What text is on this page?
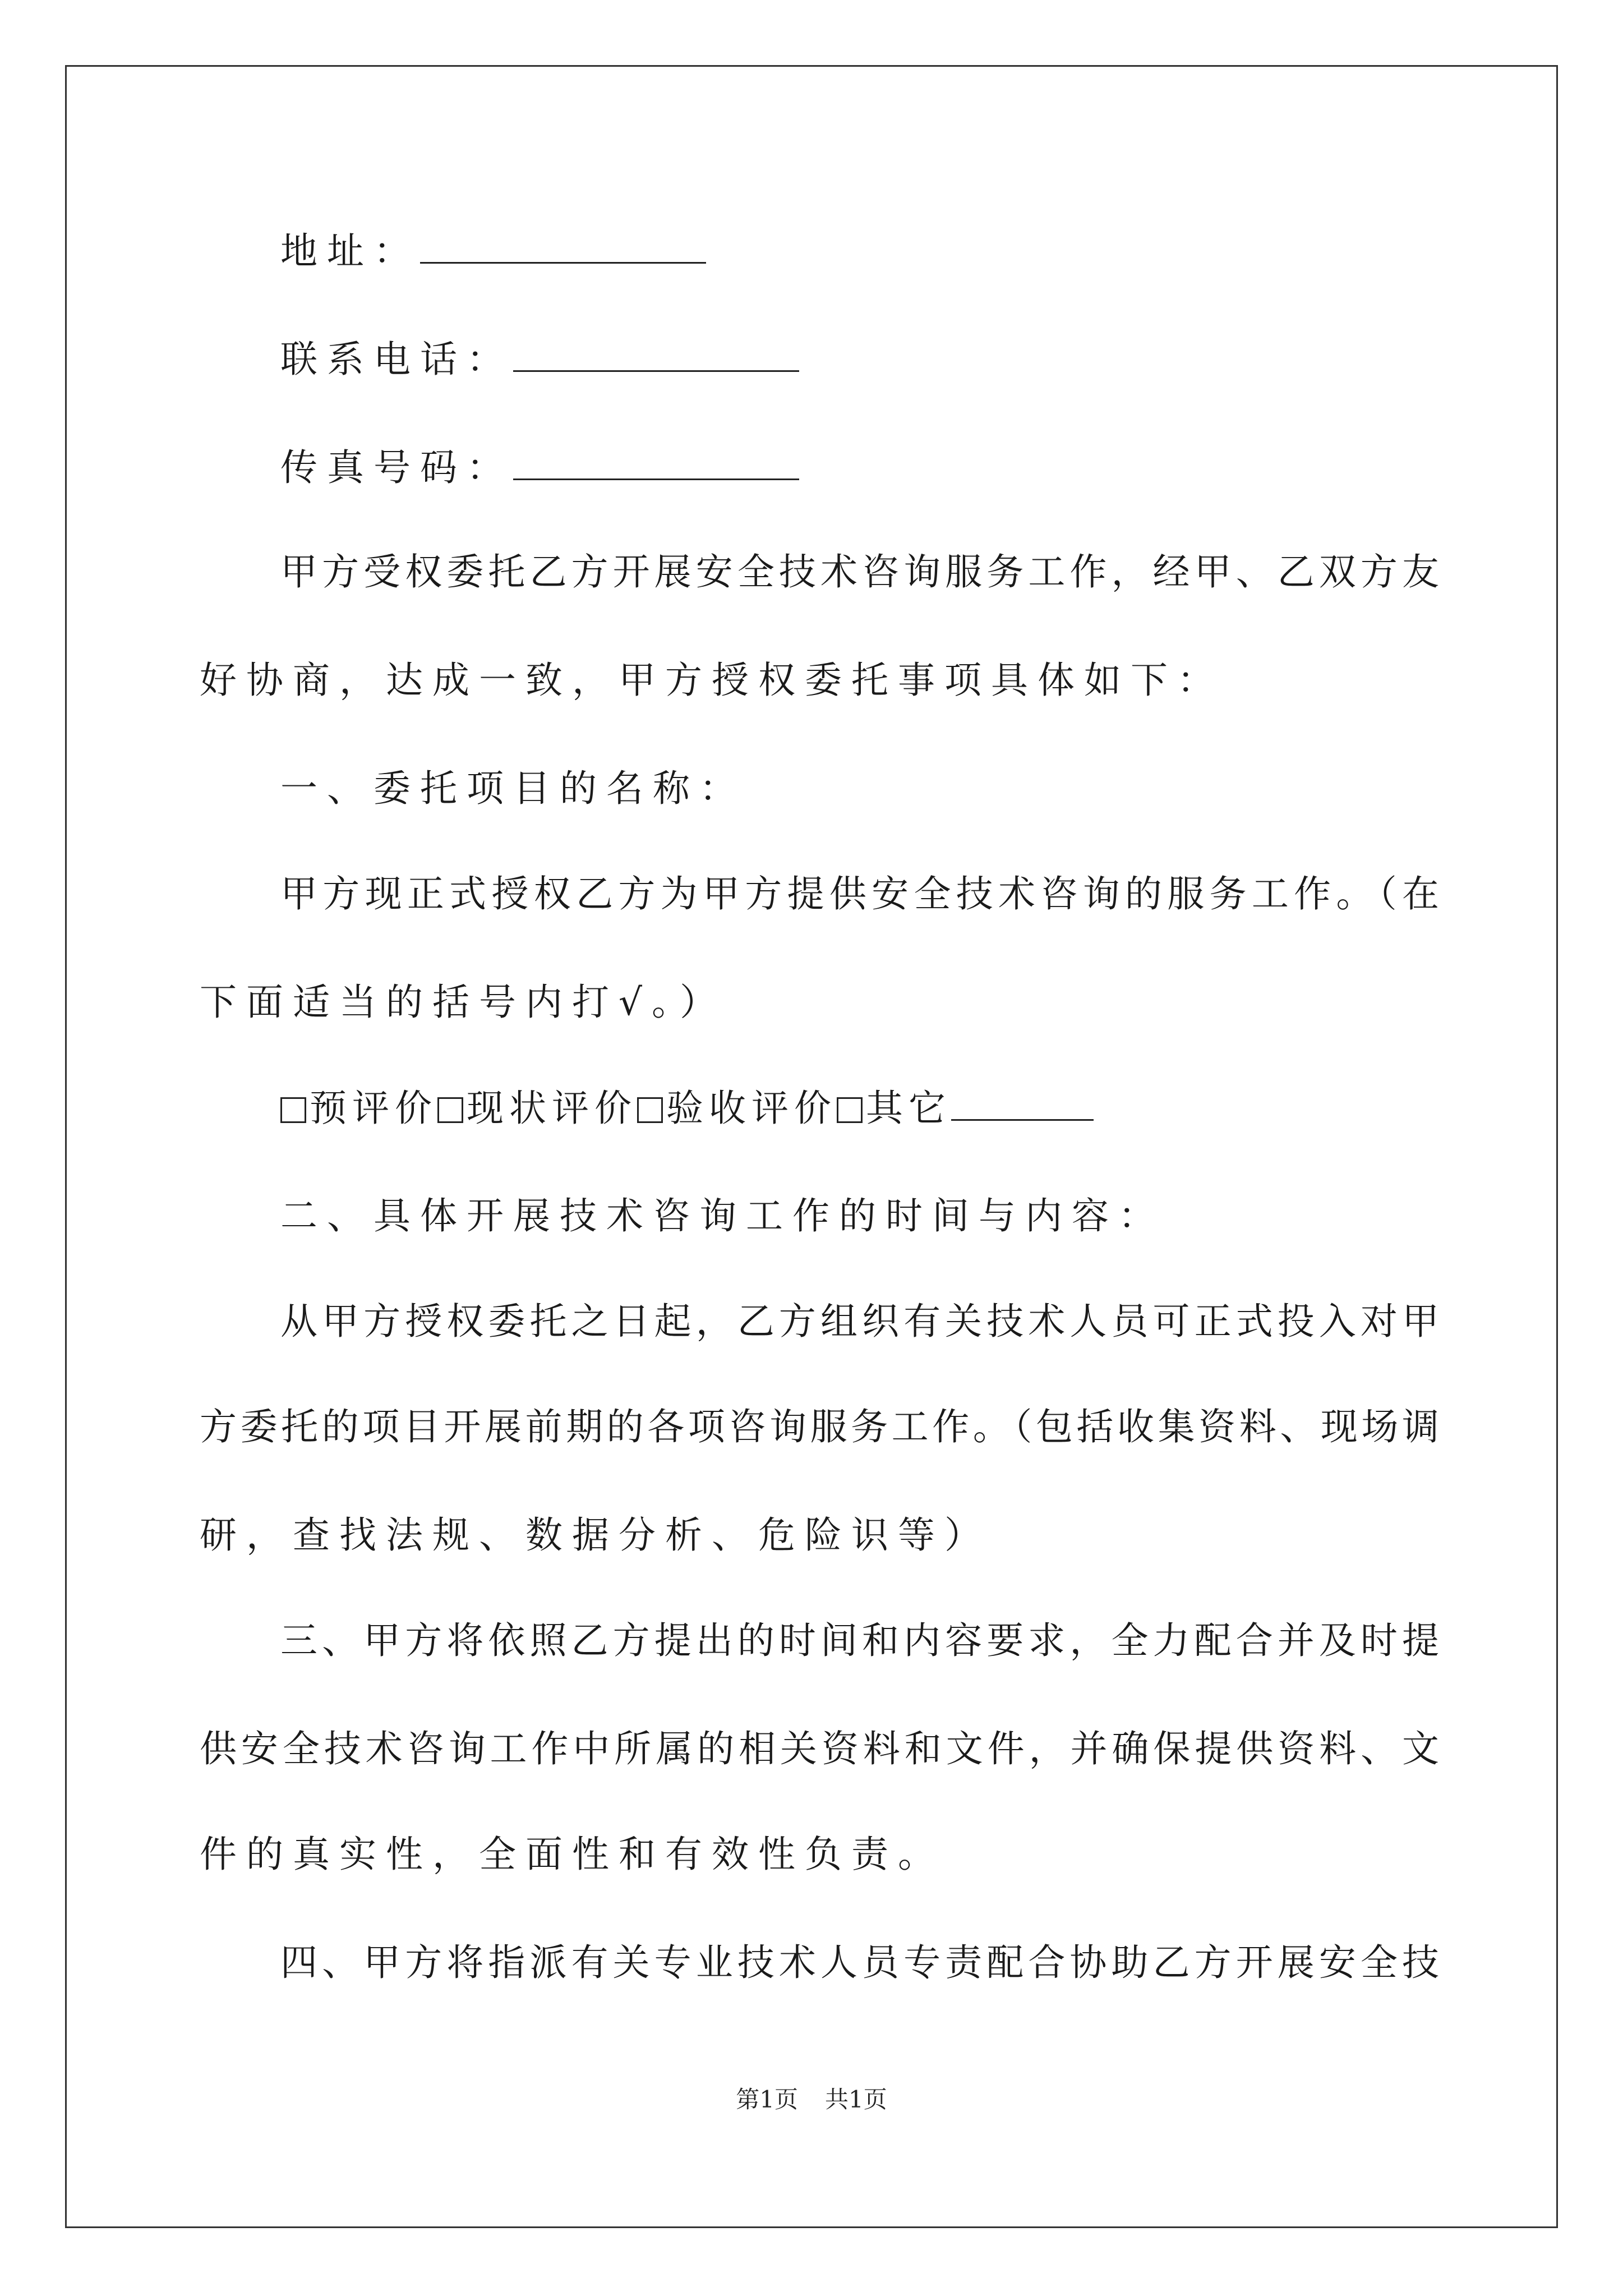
地址：
联系电话：
传真号码：
甲方受权委托乙方开展安全技术咨询服务工作，经甲、乙双方友
好协商，达成一致，甲方授权委托事项具体如下：
一、委托项目的名称：
甲方现正式授权乙方为甲方提供安全技术咨询的服务工作。（在
下面适当的括号内打√。）
预评价 现状评价 验收评价 其它
二、具体开展技术咨询工作的时间与内容：
从甲方授权委托之日起，乙方组织有关技术人员可正式投入对甲
方委托的项目开展前期的各项咨询服务工作。（包括收集资料、现场调
研，查找法规、数据分析、危险识等）
三、甲方将依照乙方提出的时间和内容要求，全力配合并及时提
供安全技术咨询工作中所属的相关资料和文件，并确保提供资料、文
件的真实性，全面性和有效性负责。
四、甲方将指派有关专业技术人员专责配合协助乙方开展安全技
第1页 共1页
